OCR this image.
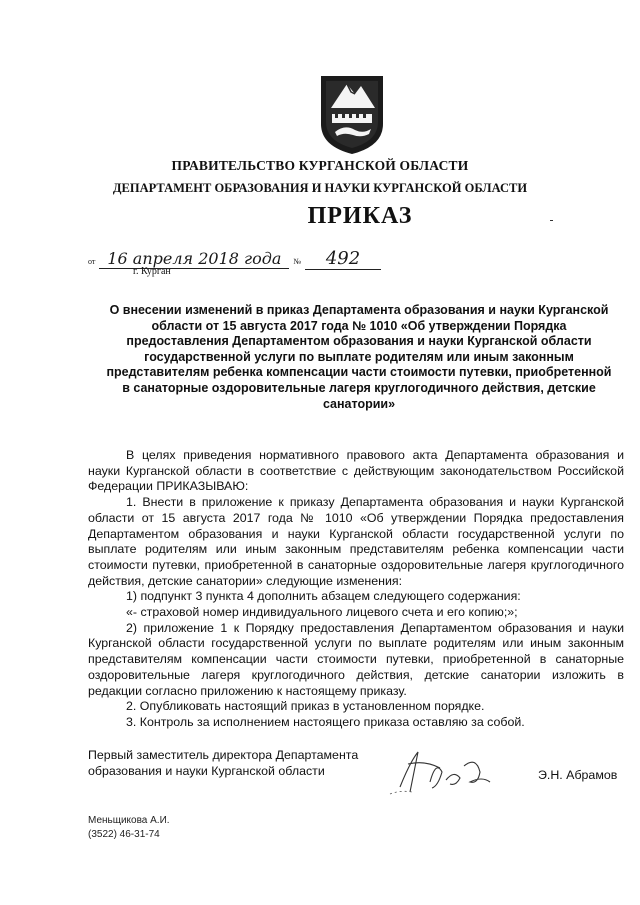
ПРАВИТЕЛЬСТВО КУРГАНСКОЙ ОБЛАСТИ
ДЕПАРТАМЕНТ ОБРАЗОВАНИЯ И НАУКИ КУРГАНСКОЙ ОБЛАСТИ
ПРИКАЗ
от 16 апреля 2018 года № 492
г. Курган
О внесении изменений в приказ Департамента образования и науки Курганской области от 15 августа 2017 года № 1010 «Об утверждении Порядка предоставления Департаментом образования и науки Курганской области государственной услуги по выплате родителям или иным законным представителям ребенка компенсации части стоимости путевки, приобретенной в санаторные оздоровительные лагеря круглогодичного действия, детские санатории»

В целях приведения нормативного правового акта Департамента образования и науки Курганской области в соответствие с действующим законодательством Российской Федерации ПРИКАЗЫВАЮ:

1. Внести в приложение к приказу Департамента образования и науки Курганской области от 15 августа 2017 года № 1010 «Об утверждении Порядка предоставления Департаментом образования и науки Курганской области государственной услуги по выплате родителям или иным законным представителям ребенка компенсации части стоимости путевки, приобретенной в санаторные оздоровительные лагеря круглогодичного действия, детские санатории» следующие изменения:

1) подпункт 3 пункта 4 дополнить абзацем следующего содержания:

«- страховой номер индивидуального лицевого счета и его копию;»;

2) приложение 1 к Порядку предоставления Департаментом образования и науки Курганской области государственной услуги по выплате родителям или иным законным представителям компенсации части стоимости путевки, приобретенной в санаторные оздоровительные лагеря круглогодичного действия, детские санатории изложить в редакции согласно приложению к настоящему приказу.

2. Опубликовать настоящий приказ в установленном порядке.

3. Контроль за исполнением настоящего приказа оставляю за собой.

Первый заместитель директора Департамента
образования и науки Курганской области	Э.Н. Абрамов
Меньщикова А.И.
(3522) 46-31-74
